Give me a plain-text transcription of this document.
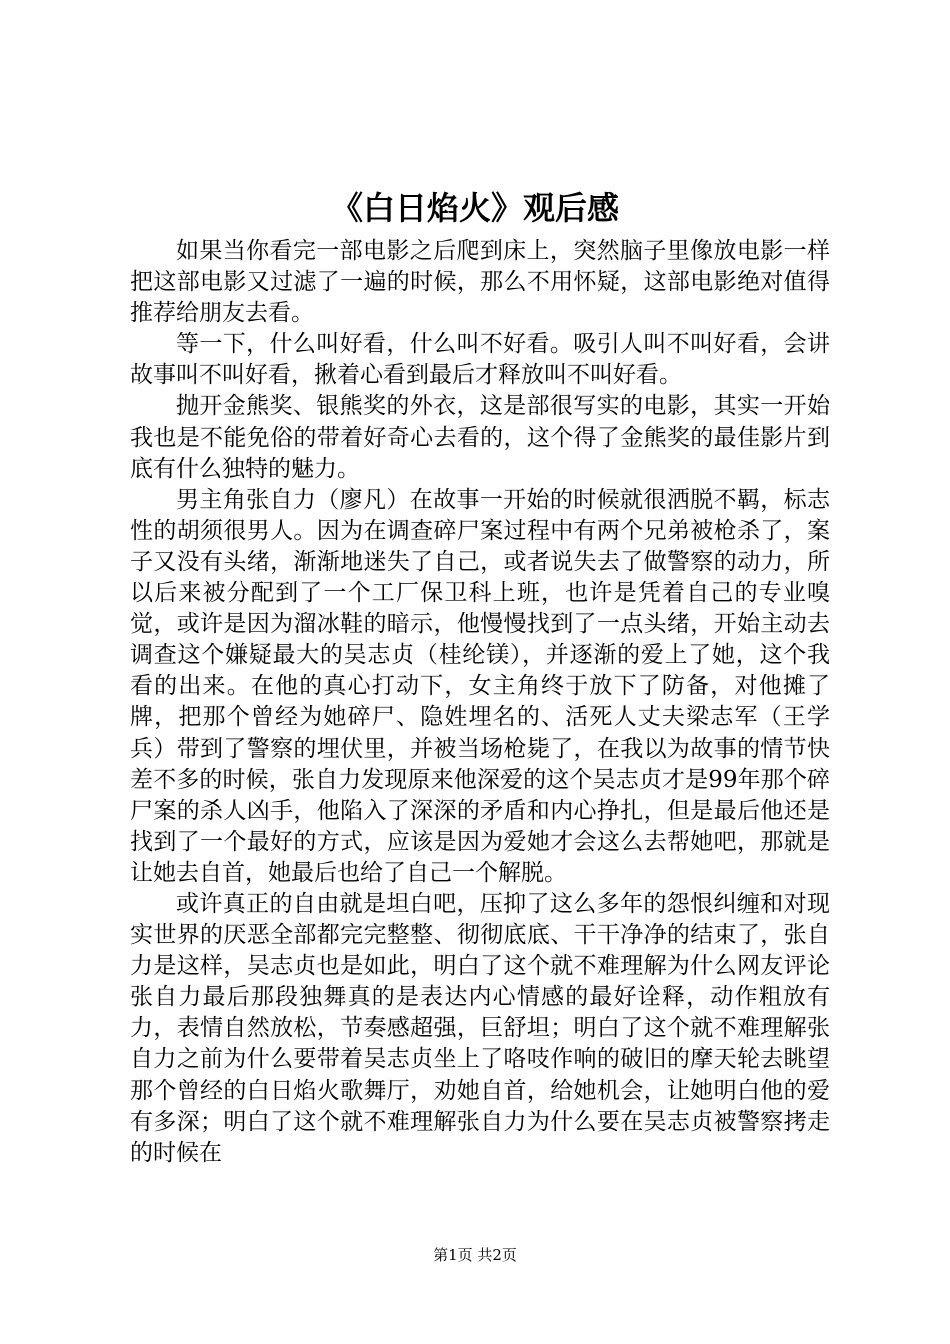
《白日焰火》观后感

如果当你看完一部电影之后爬到床上，突然脑子里像放电影一样把这部电影又过滤了一遍的时候，那么不用怀疑，这部电影绝对值得推荐给朋友去看。

等一下，什么叫好看，什么叫不好看。吸引人叫不叫好看，会讲故事叫不叫好看，揪着心看到最后才释放叫不叫好看。

抛开金熊奖、银熊奖的外衣，这是部很写实的电影，其实一开始我也是不能免俗的带着好奇心去看的，这个得了金熊奖的最佳影片到底有什么独特的魅力。

男主角张自力（廖凡）在故事一开始的时候就很洒脱不羁，标志性的胡须很男人。因为在调查碎尸案过程中有两个兄弟被枪杀了，案子又没有头绪，渐渐地迷失了自己，或者说失去了做警察的动力，所以后来被分配到了一个工厂保卫科上班，也许是凭着自己的专业嗅觉，或许是因为溜冰鞋的暗示，他慢慢找到了一点头绪，开始主动去调查这个嫌疑最大的吴志贞（桂纶镁），并逐渐的爱上了她，这个我看的出来。在他的真心打动下，女主角终于放下了防备，对他摊了牌，把那个曾经为她碎尸、隐姓埋名的、活死人丈夫梁志军（王学兵）带到了警察的埋伏里，并被当场枪毙了，在我以为故事的情节快差不多的时候，张自力发现原来他深爱的这个吴志贞才是99年那个碎尸案的杀人凶手，他陷入了深深的矛盾和内心挣扎，但是最后他还是找到了一个最好的方式，应该是因为爱她才会这么去帮她吧，那就是让她去自首，她最后也给了自己一个解脱。

或许真正的自由就是坦白吧，压抑了这么多年的怨恨纠缠和对现实世界的厌恶全部都完完整整、彻彻底底、干干净净的结束了，张自力是这样，吴志贞也是如此，明白了这个就不难理解为什么网友评论张自力最后那段独舞真的是表达内心情感的最好诠释，动作粗放有力，表情自然放松，节奏感超强，巨舒坦；明白了这个就不难理解张自力之前为什么要带着吴志贞坐上了咯吱作响的破旧的摩天轮去眺望那个曾经的白日焰火歌舞厅，劝她自首，给她机会，让她明白他的爱有多深；明白了这个就不难理解张自力为什么要在吴志贞被警察拷走的时候在

第1页 共2页
